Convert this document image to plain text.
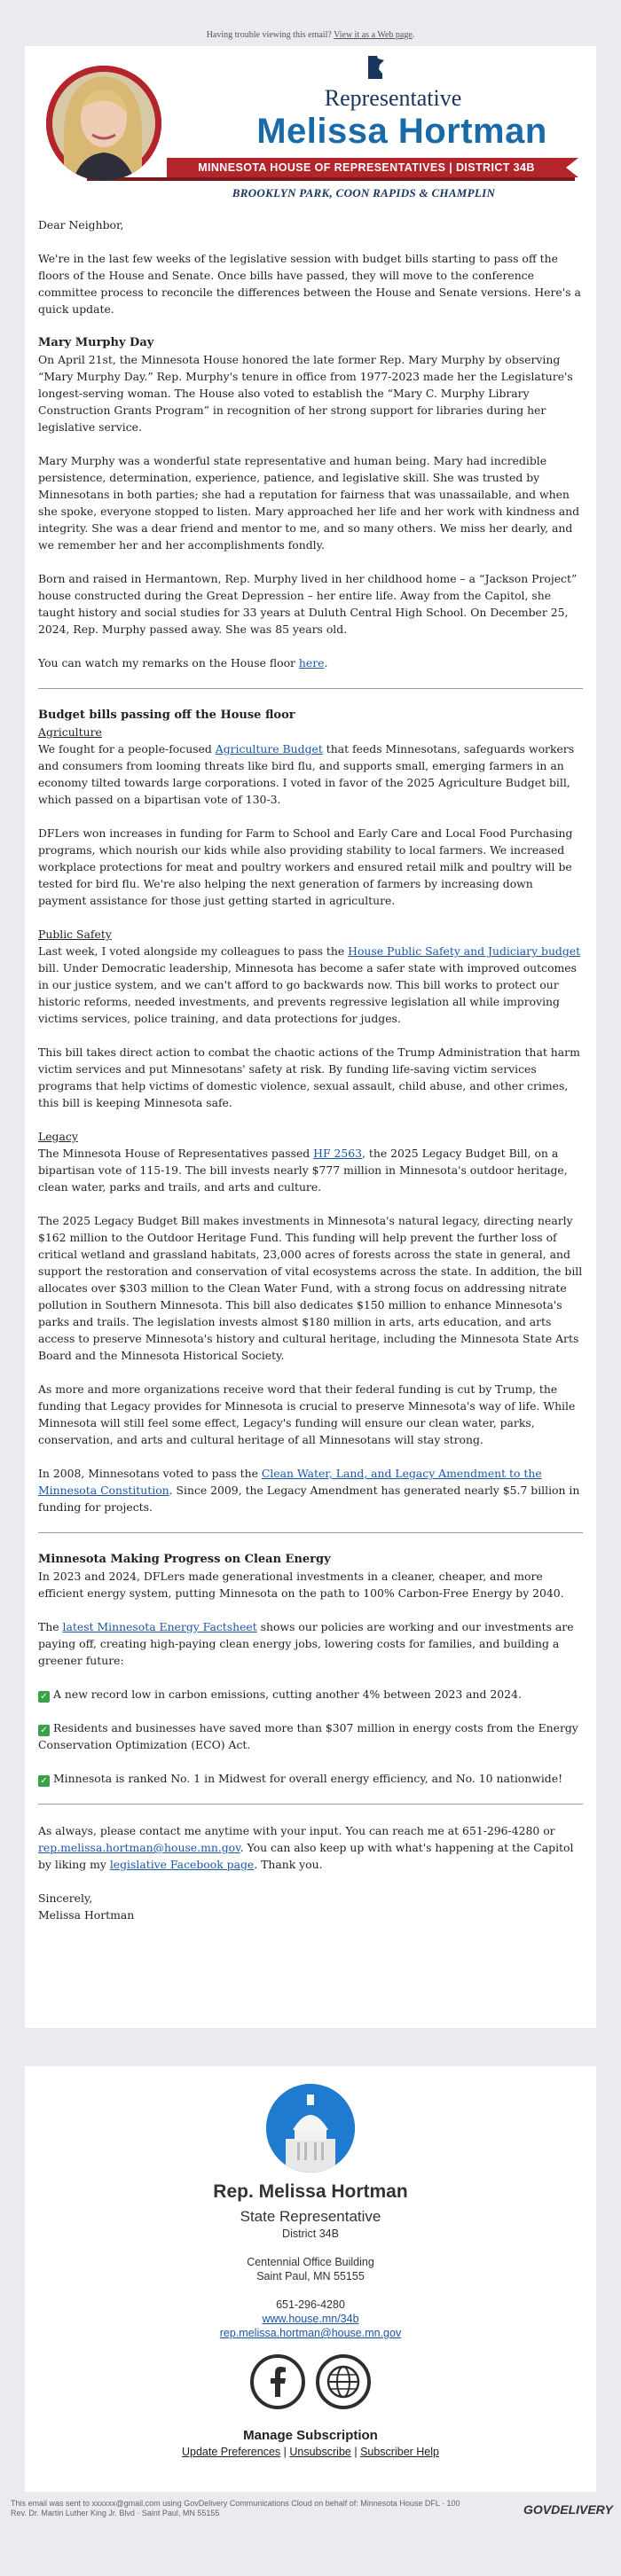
Having trouble viewing this email? View it as a Web page.
Representative
Melissa Hortman
MINNESOTA HOUSE OF REPRESENTATIVES | DISTRICT 34B
BROOKLYN PARK, COON RAPIDS & CHAMPLIN

Dear Neighbor,

We're in the last few weeks of the legislative session with budget bills starting to pass off the floors of the House and Senate. Once bills have passed, they will move to the conference committee process to reconcile the differences between the House and Senate versions. Here's a quick update.

Mary Murphy Day

On April 21st, the Minnesota House honored the late former Rep. Mary Murphy by observing “Mary Murphy Day.” Rep. Murphy's tenure in office from 1977-2023 made her the Legislature's longest-serving woman. The House also voted to establish the “Mary C. Murphy Library Construction Grants Program” in recognition of her strong support for libraries during her legislative service.

Mary Murphy was a wonderful state representative and human being. Mary had incredible persistence, determination, experience, patience, and legislative skill. She was trusted by Minnesotans in both parties; she had a reputation for fairness that was unassailable, and when she spoke, everyone stopped to listen. Mary approached her life and her work with kindness and integrity. She was a dear friend and mentor to me, and so many others. We miss her dearly, and we remember her and her accomplishments fondly.

Born and raised in Hermantown, Rep. Murphy lived in her childhood home – a “Jackson Project” house constructed during the Great Depression – her entire life. Away from the Capitol, she taught history and social studies for 33 years at Duluth Central High School. On December 25, 2024, Rep. Murphy passed away. She was 85 years old.

You can watch my remarks on the House floor here.

Budget bills passing off the House floor
Agriculture

We fought for a people-focused Agriculture Budget that feeds Minnesotans, safeguards workers and consumers from looming threats like bird flu, and supports small, emerging farmers in an economy tilted towards large corporations. I voted in favor of the 2025 Agriculture Budget bill, which passed on a bipartisan vote of 130-3.

DFLers won increases in funding for Farm to School and Early Care and Local Food Purchasing programs, which nourish our kids while also providing stability to local farmers. We increased workplace protections for meat and poultry workers and ensured retail milk and poultry will be tested for bird flu. We're also helping the next generation of farmers by increasing down payment assistance for those just getting started in agriculture.

Public Safety

Last week, I voted alongside my colleagues to pass the House Public Safety and Judiciary budget bill. Under Democratic leadership, Minnesota has become a safer state with improved outcomes in our justice system, and we can't afford to go backwards now. This bill works to protect our historic reforms, needed investments, and prevents regressive legislation all while improving victims services, police training, and data protections for judges.

This bill takes direct action to combat the chaotic actions of the Trump Administration that harm victim services and put Minnesotans' safety at risk. By funding life-saving victim services programs that help victims of domestic violence, sexual assault, child abuse, and other crimes, this bill is keeping Minnesota safe.

Legacy

The Minnesota House of Representatives passed HF 2563, the 2025 Legacy Budget Bill, on a bipartisan vote of 115-19. The bill invests nearly $777 million in Minnesota's outdoor heritage, clean water, parks and trails, and arts and culture.

The 2025 Legacy Budget Bill makes investments in Minnesota's natural legacy, directing nearly $162 million to the Outdoor Heritage Fund. This funding will help prevent the further loss of critical wetland and grassland habitats, 23,000 acres of forests across the state in general, and support the restoration and conservation of vital ecosystems across the state. In addition, the bill allocates over $303 million to the Clean Water Fund, with a strong focus on addressing nitrate pollution in Southern Minnesota. This bill also dedicates $150 million to enhance Minnesota's parks and trails. The legislation invests almost $180 million in arts, arts education, and arts access to preserve Minnesota's history and cultural heritage, including the Minnesota State Arts Board and the Minnesota Historical Society.

As more and more organizations receive word that their federal funding is cut by Trump, the funding that Legacy provides for Minnesota is crucial to preserve Minnesota's way of life. While Minnesota will still feel some effect, Legacy's funding will ensure our clean water, parks, conservation, and arts and cultural heritage of all Minnesotans will stay strong.

In 2008, Minnesotans voted to pass the Clean Water, Land, and Legacy Amendment to the Minnesota Constitution. Since 2009, the Legacy Amendment has generated nearly $5.7 billion in funding for projects.

Minnesota Making Progress on Clean Energy

In 2023 and 2024, DFLers made generational investments in a cleaner, cheaper, and more efficient energy system, putting Minnesota on the path to 100% Carbon-Free Energy by 2040.

The latest Minnesota Energy Factsheet shows our policies are working and our investments are paying off, creating high-paying clean energy jobs, lowering costs for families, and building a greener future:

✓ A new record low in carbon emissions, cutting another 4% between 2023 and 2024.

✓ Residents and businesses have saved more than $307 million in energy costs from the Energy Conservation Optimization (ECO) Act.

✓ Minnesota is ranked No. 1 in Midwest for overall energy efficiency, and No. 10 nationwide!

As always, please contact me anytime with your input. You can reach me at 651-296-4280 or rep.melissa.hortman@house.mn.gov. You can also keep up with what's happening at the Capitol by liking my legislative Facebook page. Thank you.

Sincerely,

Melissa Hortman

Rep. Melissa Hortman
State Representative
District 34B
Centennial Office Building
Saint Paul, MN 55155
651-296-4280
www.house.mn/34b
rep.melissa.hortman@house.mn.gov
Manage Subscription
Update Preferences | Unsubscribe | Subscriber Help
This email was sent to xxxxxx@gmail.com using GovDelivery Communications Cloud on behalf of: Minnesota House DFL · 100
Rev. Dr. Martin Luther King Jr. Blvd · Saint Paul, MN 55155	GOVDELIVERY
